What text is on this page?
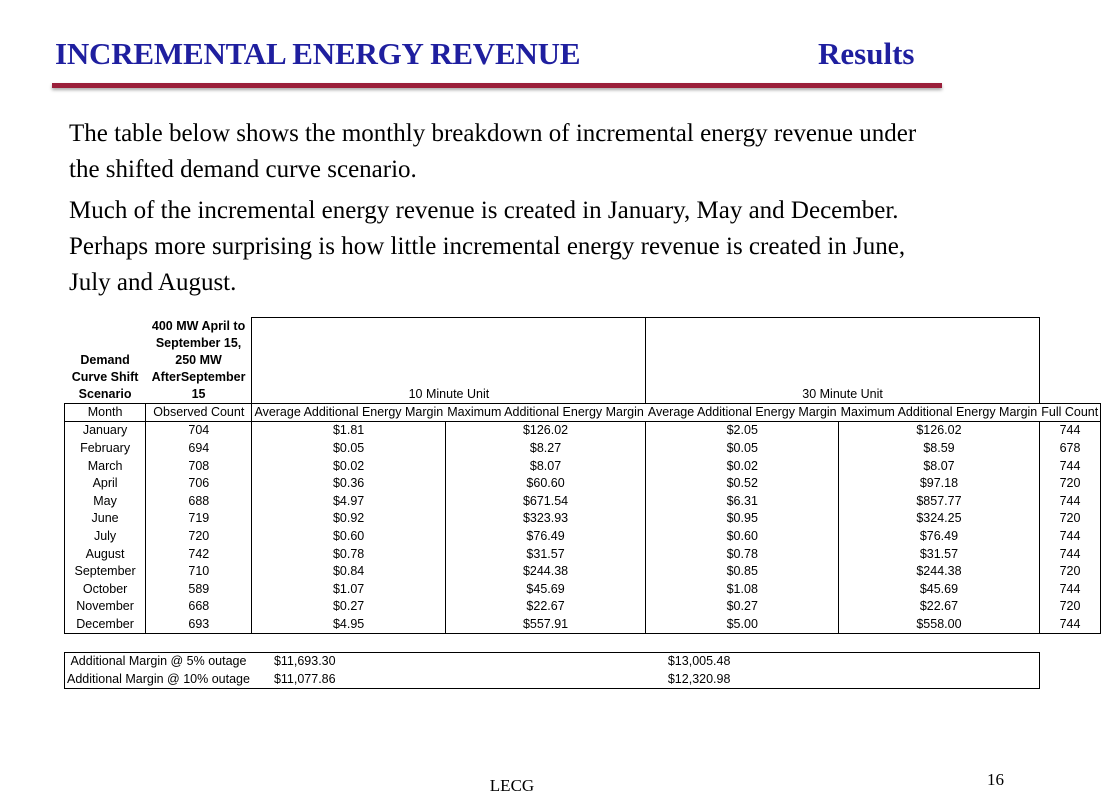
INCREMENTAL ENERGY REVENUE	Results

The table below shows the monthly breakdown of incremental energy revenue under the shifted demand curve scenario.

Much of the incremental energy revenue is created in January, May and December. Perhaps more surprising is how little incremental energy revenue is created in June, July and August.

Demand Curve Shift Scenario	400 MW April to September 15, 250 MW AfterSeptember 15	10 Minute Unit		30 Minute Unit		
Month	Observed Count	Average Additional Energy Margin	Maximum Additional Energy Margin	Average Additional Energy Margin	Maximum Additional Energy Margin	Full Count
January	704	$1.81	$126.02	$2.05	$126.02	744
February	694	$0.05	$8.27	$0.05	$8.59	678
March	708	$0.02	$8.07	$0.02	$8.07	744
April	706	$0.36	$60.60	$0.52	$97.18	720
May	688	$4.97	$671.54	$6.31	$857.77	744
June	719	$0.92	$323.93	$0.95	$324.25	720
July	720	$0.60	$76.49	$0.60	$76.49	744
August	742	$0.78	$31.57	$0.78	$31.57	744
September	710	$0.84	$244.38	$0.85	$244.38	720
October	589	$1.07	$45.69	$1.08	$45.69	744
November	668	$0.27	$22.67	$0.27	$22.67	720
December	693	$4.95	$557.91	$5.00	$558.00	744

Additional Margin @ 5% outage		$11,693.30		$13,005.48		
Additional Margin @ 10% outage		$11,077.86		$12,320.98		
LECG	16
